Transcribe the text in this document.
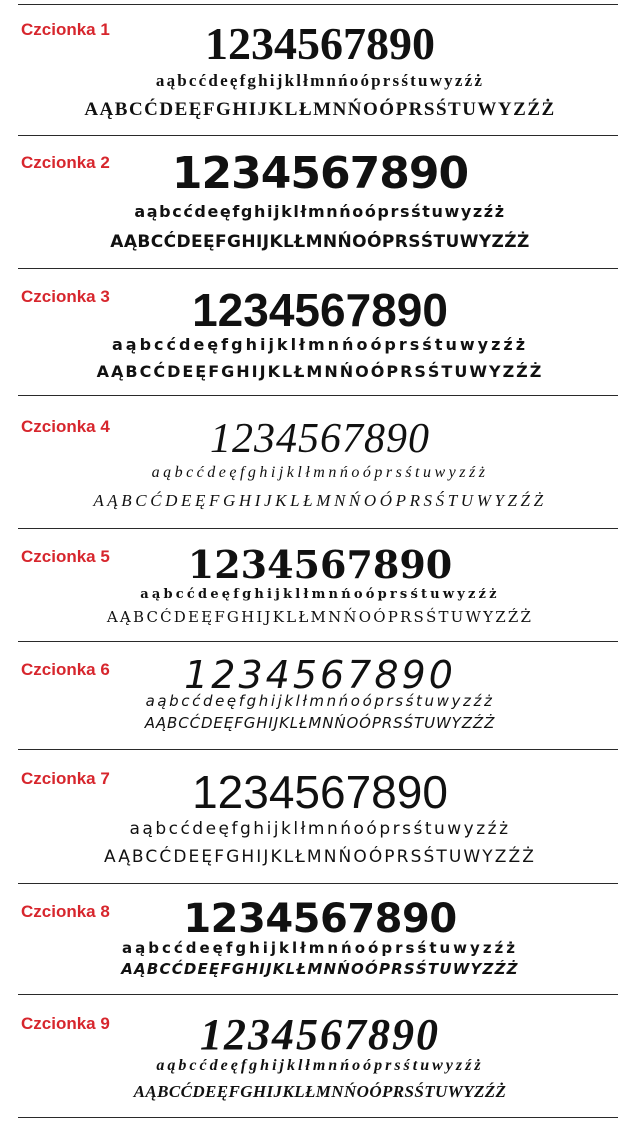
Czcionka 1 1234567890
aąbcćdeęfghijklłmnńoóprsśtuwyzźż
AĄBCĆDEĘFGHIJKLŁMNŃOÓPRSŚTUWYZŹŻ
Czcionka 2 1234567890
aąbcćdeęfghijklłmnńoóprsśtuwyzźż
AĄBCĆDEĘFGHIJKLŁMNŃOÓPRSŚTUWYZŹŻ
Czcionka 3 1234567890
aąbcćdeęfghijklłmnńoóprsśtuwyzźż
AĄBCĆDEĘFGHIJKLŁMNŃOÓPRSŚTUWYZŹŻ
Czcionka 4 1234567890
aąbcćdeęfghijklłmnńoóprsśtuwyzźż
AĄBCĆDEĘFGHIJKLŁMNŃOÓPRSŚTUWYZŹŻ
Czcionka 5 1234567890
aąbcćdeęfghijklłmnńoóprsśtuwyzźż
AĄBCĆDEĘFGHIJKLŁMNŃOÓPRSŚTUWYZŹŻ
Czcionka 6 1234567890
aąbcćdeęfghijklłmnńoóprsśtuwyzźż
AĄBCĆDEĘFGHIJKLŁMNŃOÓPRSŚTUWYZŹŻ
Czcionka 7 1234567890
aąbcćdeęfghijklłmnńoóprsśtuwyzźż
AĄBCĆDEĘFGHIJKLŁMNŃOÓPRSŚTUWYZŹŻ
Czcionka 8 1234567890
aąbcćdeęfghijklłmnńoóprsśtuwyzźż
AĄBCĆDEĘFGHIJKLŁMNŃOÓPRSŚTUWYZŹŻ
Czcionka 9 1234567890
aąbcćdeęfghijklłmnńoóprsśtuwyzźż
AĄBCĆDEĘFGHIJKLŁMNŃOÓPRSŚTUWYZŹŻ
